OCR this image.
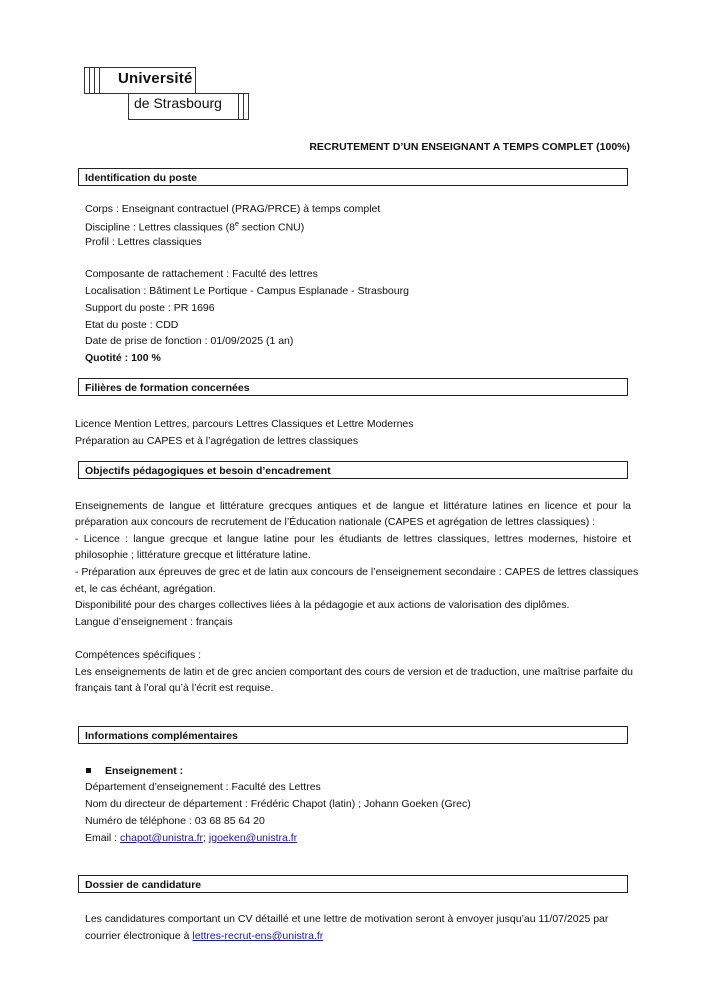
Université
de Strasbourg
RECRUTEMENT D’UN ENSEIGNANT A TEMPS COMPLET (100%)
Identification du poste
Corps : Enseignant contractuel (PRAG/PRCE) à temps complet
Discipline : Lettres classiques (8e section CNU)
Profil : Lettres classiques
Composante de rattachement : Faculté des lettres
Localisation : Bâtiment Le Portique - Campus Esplanade - Strasbourg
Support du poste : PR 1696
Etat du poste : CDD
Date de prise de fonction : 01/09/2025 (1 an)
Quotité : 100 %
Filières de formation concernées
Licence Mention Lettres, parcours Lettres Classiques et Lettre Modernes
Préparation au CAPES et à l’agrégation de lettres classiques
Objectifs pédagogiques et besoin d’encadrement
Enseignements de langue et littérature grecques antiques et de langue et littérature latines en licence et pour la
préparation aux concours de recrutement de l’Éducation nationale (CAPES et agrégation de lettres classiques) :
- Licence : langue grecque et langue latine pour les étudiants de lettres classiques, lettres modernes, histoire et
philosophie ; littérature grecque et littérature latine.
- Préparation aux épreuves de grec et de latin aux concours de l’enseignement secondaire : CAPES de lettres classiques
et, le cas échéant, agrégation.
Disponibilité pour des charges collectives liées à la pédagogie et aux actions de valorisation des diplômes.
Langue d’enseignement : français
Compétences spécifiques :
Les enseignements de latin et de grec ancien comportant des cours de version et de traduction, une maîtrise parfaite du
français tant à l’oral qu’à l’écrit est requise.
Informations complémentaires
Enseignement :
Département d’enseignement : Faculté des Lettres
Nom du directeur de département : Frédéric Chapot (latin) ; Johann Goeken (Grec)
Numéro de téléphone : 03 68 85 64 20
Email : chapot@unistra.fr; jgoeken@unistra.fr
Dossier de candidature
Les candidatures comportant un CV détaillé et une lettre de motivation seront à envoyer jusqu’au 11/07/2025 par
courrier électronique à lettres-recrut-ens@unistra.fr
